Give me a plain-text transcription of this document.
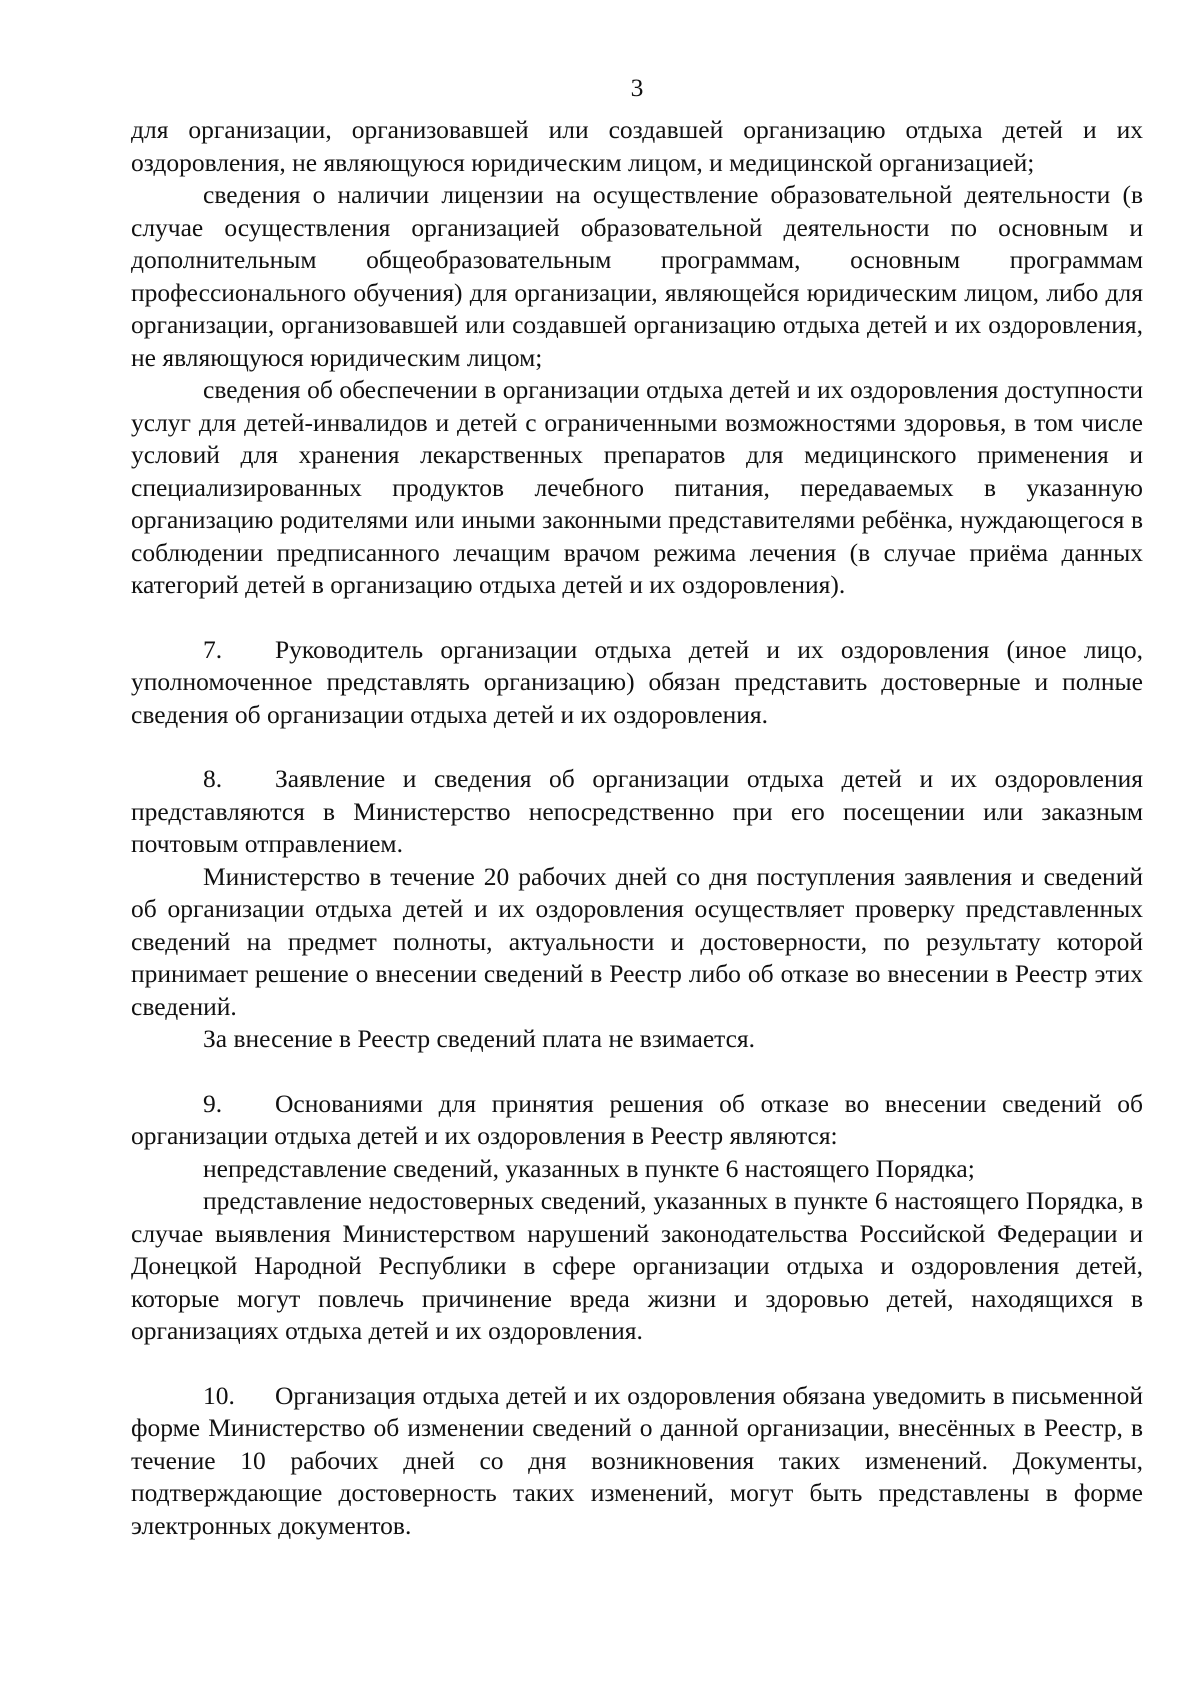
3

для организации, организовавшей или создавшей организацию отдыха детей и их оздоровления, не являющуюся юридическим лицом, и медицинской организацией;

сведения о наличии лицензии на осуществление образовательной деятельности (в случае осуществления организацией образовательной деятельности по основным и дополнительным общеобразовательным программам, основным программам профессионального обучения) для организации, являющейся юридическим лицом, либо для организации, организовавшей или создавшей организацию отдыха детей и их оздоровления, не являющуюся юридическим лицом;

сведения об обеспечении в организации отдыха детей и их оздоровления доступности услуг для детей-инвалидов и детей с ограниченными возможностями здоровья, в том числе условий для хранения лекарственных препаратов для медицинского применения и специализированных продуктов лечебного питания, передаваемых в указанную организацию родителями или иными законными представителями ребёнка, нуждающегося в соблюдении предписанного лечащим врачом режима лечения (в случае приёма данных категорий детей в организацию отдыха детей и их оздоровления).

7. Руководитель организации отдыха детей и их оздоровления (иное лицо, уполномоченное представлять организацию) обязан представить достоверные и полные сведения об организации отдыха детей и их оздоровления.

8. Заявление и сведения об организации отдыха детей и их оздоровления представляются в Министерство непосредственно при его посещении или заказным почтовым отправлением.

Министерство в течение 20 рабочих дней со дня поступления заявления и сведений об организации отдыха детей и их оздоровления осуществляет проверку представленных сведений на предмет полноты, актуальности и достоверности, по результату которой принимает решение о внесении сведений в Реестр либо об отказе во внесении в Реестр этих сведений.

За внесение в Реестр сведений плата не взимается.

9. Основаниями для принятия решения об отказе во внесении сведений об организации отдыха детей и их оздоровления в Реестр являются:

непредставление сведений, указанных в пункте 6 настоящего Порядка;

представление недостоверных сведений, указанных в пункте 6 настоящего Порядка, в случае выявления Министерством нарушений законодательства Российской Федерации и Донецкой Народной Республики в сфере организации отдыха и оздоровления детей, которые могут повлечь причинение вреда жизни и здоровью детей, находящихся в организациях отдыха детей и их оздоровления.

10. Организация отдыха детей и их оздоровления обязана уведомить в письменной форме Министерство об изменении сведений о данной организации, внесённых в Реестр, в течение 10 рабочих дней со дня возникновения таких изменений. Документы, подтверждающие достоверность таких изменений, могут быть представлены в форме электронных документов.
